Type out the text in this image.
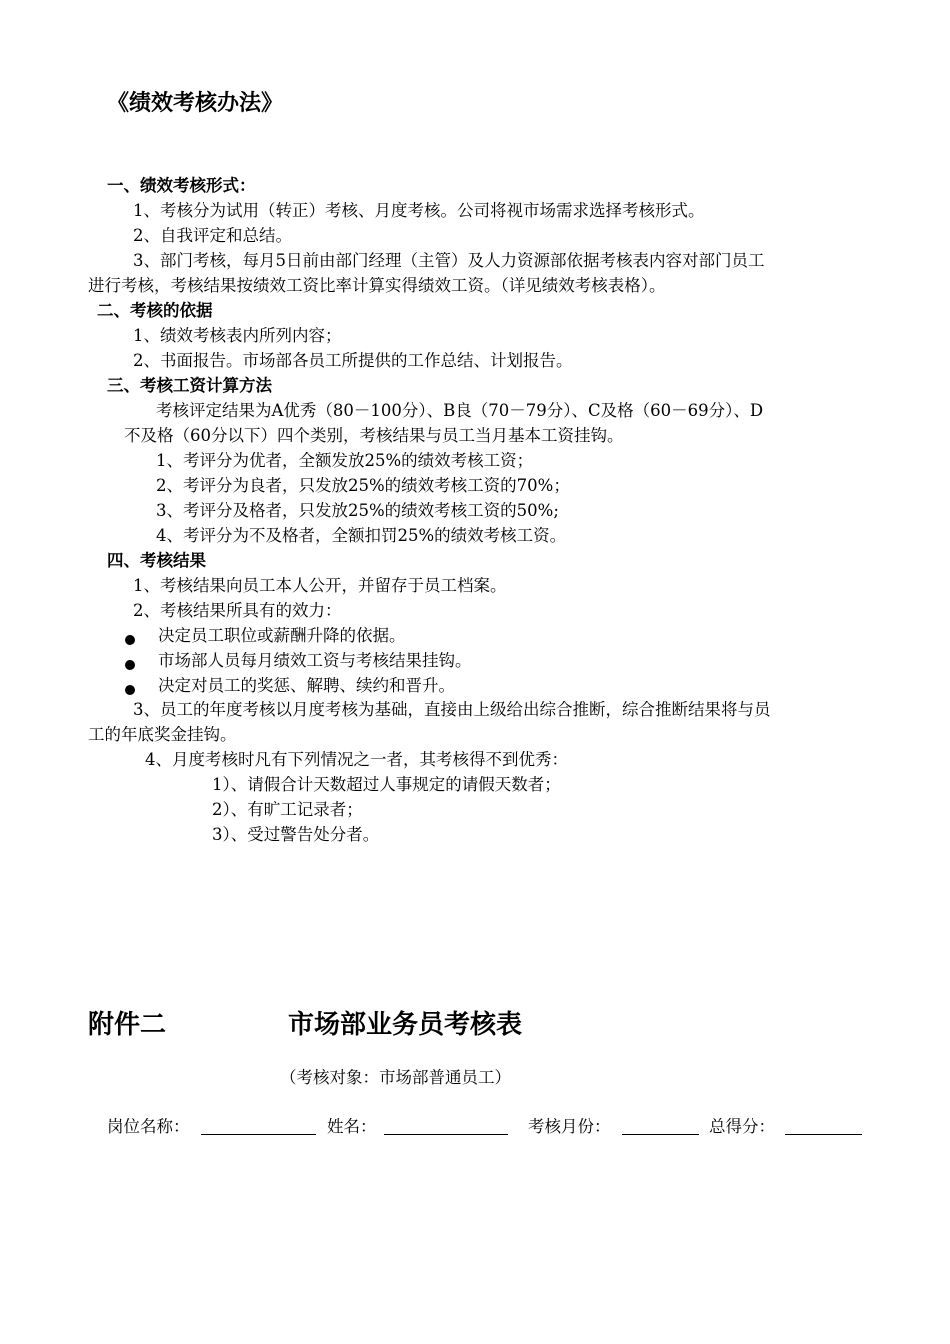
《绩效考核办法》
一、绩效考核形式：
1、考核分为试用（转正）考核、月度考核。公司将视市场需求选择考核形式。
2、自我评定和总结。
3、部门考核，每月5日前由部门经理（主管）及人力资源部依据考核表内容对部门员工
进行考核，考核结果按绩效工资比率计算实得绩效工资。（详见绩效考核表格）。
二、考核的依据
1、绩效考核表内所列内容；
2、书面报告。市场部各员工所提供的工作总结、计划报告。
三、考核工资计算方法
考核评定结果为A优秀（80－100分）、B良（70－79分）、C及格（60－69分）、D
不及格（60分以下）四个类别，考核结果与员工当月基本工资挂钩。
1、考评分为优者，全额发放25%的绩效考核工资；
2、考评分为良者，只发放25%的绩效考核工资的70%；
3、考评分及格者，只发放25%的绩效考核工资的50%;
4、考评分为不及格者，全额扣罚25%的绩效考核工资。
四、考核结果
1、考核结果向员工本人公开，并留存于员工档案。
2、考核结果所具有的效力：
决定员工职位或薪酬升降的依据。
市场部人员每月绩效工资与考核结果挂钩。
决定对员工的奖惩、解聘、续约和晋升。
3、员工的年度考核以月度考核为基础，直接由上级给出综合推断，综合推断结果将与员
工的年底奖金挂钩。
4、月度考核时凡有下列情况之一者，其考核得不到优秀：
1）、请假合计天数超过人事规定的请假天数者；
2）、有旷工记录者；
3）、受过警告处分者。
附件二	市场部业务员考核表
（考核对象：市场部普通员工）
岗位名称：	姓名：	考核月份：	总得分：
